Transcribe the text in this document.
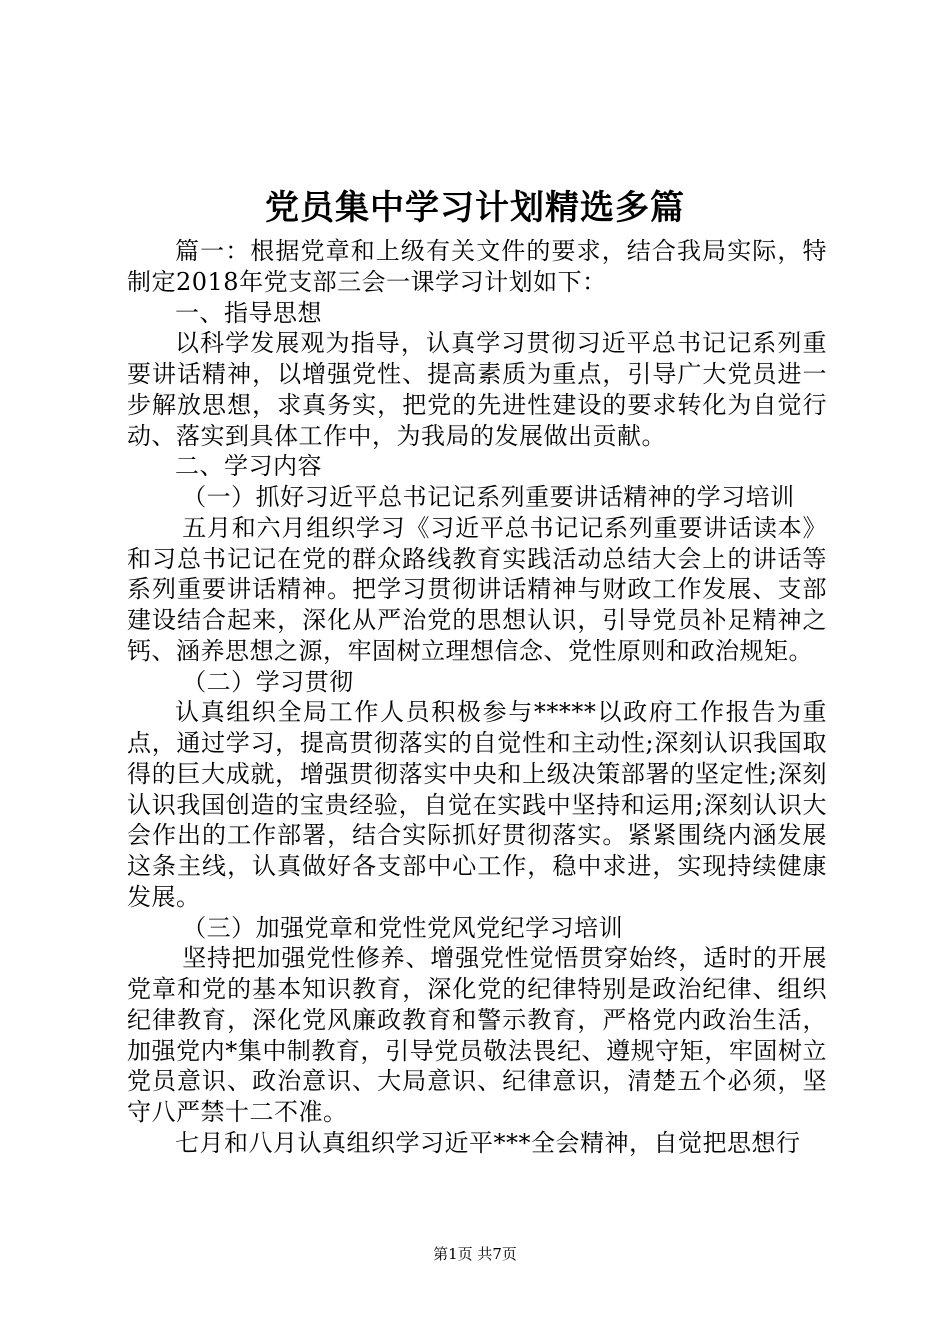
党员集中学习计划精选多篇

篇一：根据党章和上级有关文件的要求，结合我局实际，特制定2018年党支部三会一课学习计划如下：

一、指导思想

以科学发展观为指导，认真学习贯彻习近平总书记记系列重要讲话精神，以增强党性、提高素质为重点，引导广大党员进一步解放思想，求真务实，把党的先进性建设的要求转化为自觉行动、落实到具体工作中，为我局的发展做出贡献。

二、学习内容

（一）抓好习近平总书记记系列重要讲话精神的学习培训

五月和六月组织学习《习近平总书记记系列重要讲话读本》和习总书记记在党的群众路线教育实践活动总结大会上的讲话等系列重要讲话精神。把学习贯彻讲话精神与财政工作发展、支部建设结合起来，深化从严治党的思想认识，引导党员补足精神之钙、涵养思想之源，牢固树立理想信念、党性原则和政治规矩。

（二）学习贯彻

认真组织全局工作人员积极参与*****以政府工作报告为重点，通过学习，提高贯彻落实的自觉性和主动性;深刻认识我国取得的巨大成就，增强贯彻落实中央和上级决策部署的坚定性;深刻认识我国创造的宝贵经验，自觉在实践中坚持和运用;深刻认识大会作出的工作部署，结合实际抓好贯彻落实。紧紧围绕内涵发展这条主线，认真做好各支部中心工作，稳中求进，实现持续健康发展。

（三）加强党章和党性党风党纪学习培训

坚持把加强党性修养、增强党性觉悟贯穿始终，适时的开展党章和党的基本知识教育，深化党的纪律特别是政治纪律、组织纪律教育，深化党风廉政教育和警示教育，严格党内政治生活，加强党内*集中制教育，引导党员敬法畏纪、遵规守矩，牢固树立党员意识、政治意识、大局意识、纪律意识，清楚五个必须，坚守八严禁十二不准。

七月和八月认真组织学习近平***全会精神，自觉把思想行

第1页 共7页
